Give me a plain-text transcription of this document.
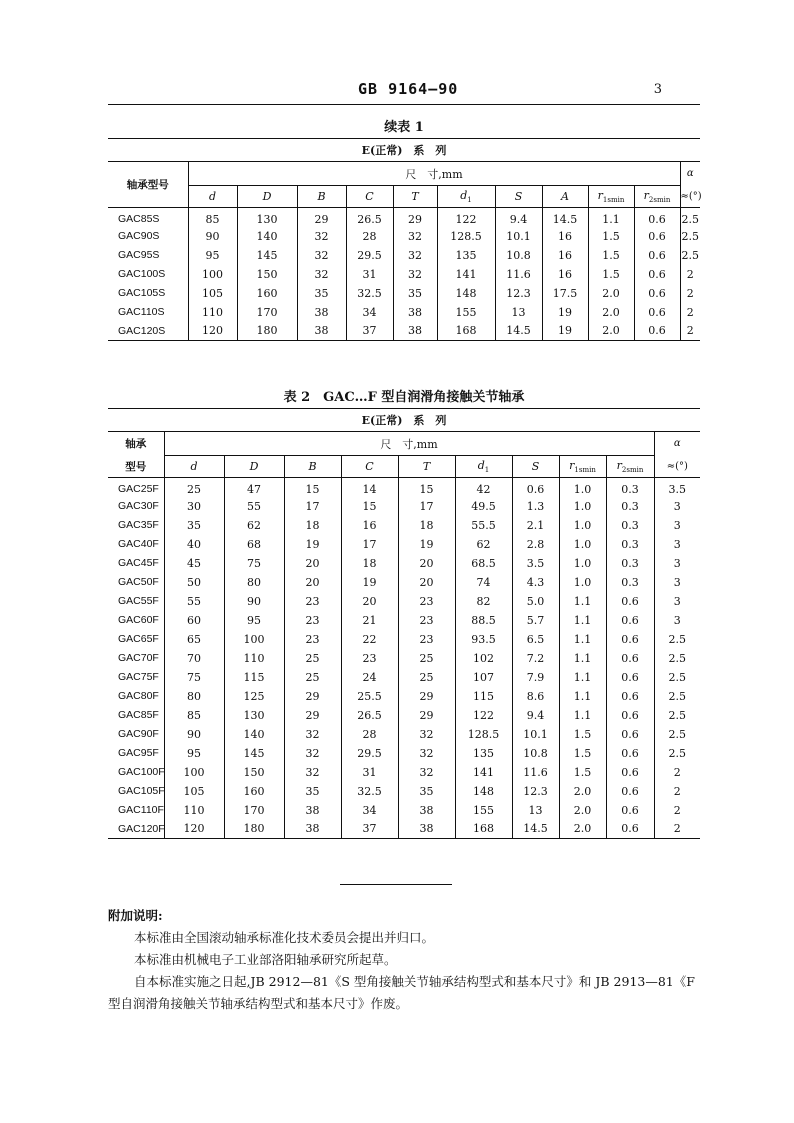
GB 9164—90	3
续表 1
E(正常)　系　列											
轴承型号	尺　寸,mm										α
	d	D	B	C	T	$d_1$	S	A	$r_{1smin}$	$r_{2smin}$	≈(°)
GAC85S	85	130	29	26.5	29	122	9.4	14.5	1.1	0.6	2.5
GAC90S	90	140	32	28	32	128.5	10.1	16	1.5	0.6	2.5
GAC95S	95	145	32	29.5	32	135	10.8	16	1.5	0.6	2.5
GAC100S	100	150	32	31	32	141	11.6	16	1.5	0.6	2
GAC105S	105	160	35	32.5	35	148	12.3	17.5	2.0	0.6	2
GAC110S	110	170	38	34	38	155	13	19	2.0	0.6	2
GAC120S	120	180	38	37	38	168	14.5	19	2.0	0.6	2
表 2　GAC…F 型自润滑角接触关节轴承
E(正常)　系　列										
轴承	尺　寸,mm									α
型号	d	D	B	C	T	$d_1$	S	$r_{1smin}$	$r_{2smin}$	≈(°)
GAC25F	25	47	15	14	15	42	0.6	1.0	0.3	3.5
GAC30F	30	55	17	15	17	49.5	1.3	1.0	0.3	3
GAC35F	35	62	18	16	18	55.5	2.1	1.0	0.3	3
GAC40F	40	68	19	17	19	62	2.8	1.0	0.3	3
GAC45F	45	75	20	18	20	68.5	3.5	1.0	0.3	3
GAC50F	50	80	20	19	20	74	4.3	1.0	0.3	3
GAC55F	55	90	23	20	23	82	5.0	1.1	0.6	3
GAC60F	60	95	23	21	23	88.5	5.7	1.1	0.6	3
GAC65F	65	100	23	22	23	93.5	6.5	1.1	0.6	2.5
GAC70F	70	110	25	23	25	102	7.2	1.1	0.6	2.5
GAC75F	75	115	25	24	25	107	7.9	1.1	0.6	2.5
GAC80F	80	125	29	25.5	29	115	8.6	1.1	0.6	2.5
GAC85F	85	130	29	26.5	29	122	9.4	1.1	0.6	2.5
GAC90F	90	140	32	28	32	128.5	10.1	1.5	0.6	2.5
GAC95F	95	145	32	29.5	32	135	10.8	1.5	0.6	2.5
GAC100F	100	150	32	31	32	141	11.6	1.5	0.6	2
GAC105F	105	160	35	32.5	35	148	12.3	2.0	0.6	2
GAC110F	110	170	38	34	38	155	13	2.0	0.6	2
GAC120F	120	180	38	37	38	168	14.5	2.0	0.6	2
附加说明:
本标准由全国滚动轴承标准化技术委员会提出并归口。
本标准由机械电子工业部洛阳轴承研究所起草。
自本标准实施之日起,JB 2912—81《S 型角接触关节轴承结构型式和基本尺寸》和 JB 2913—81《F 型自润滑角接触关节轴承结构型式和基本尺寸》作废。
